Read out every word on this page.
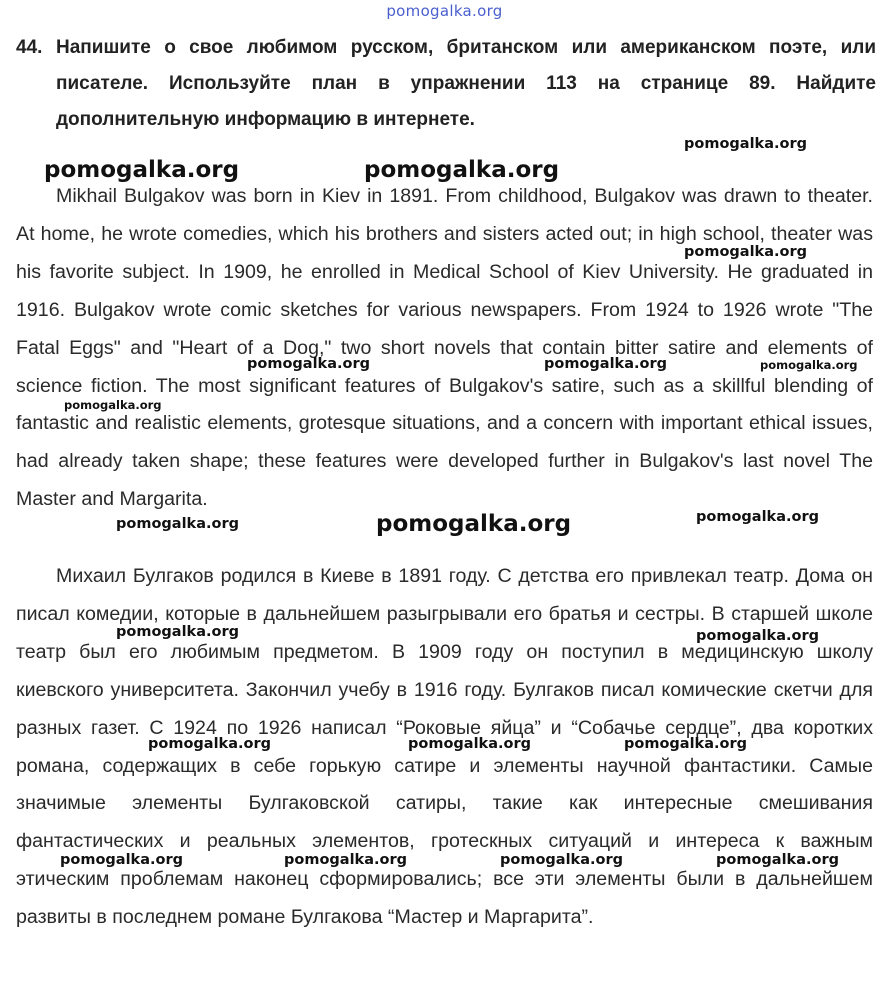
pomogalka.org
44. Напишите о свое любимом русском, британском или американском поэте, или писателе. Используйте план в упражнении 113 на странице 89. Найдите дополнительную информацию в интернете.

Mikhail Bulgakov was born in Kiev in 1891. From childhood, Bulgakov was drawn to theater. At home, he wrote comedies, which his brothers and sisters acted out; in high school, theater was his favorite subject. In 1909, he enrolled in Medical School of Kiev University. He graduated in 1916. Bulgakov wrote comic sketches for various newspapers. From 1924 to 1926 wrote "The Fatal Eggs" and "Heart of a Dog," two short novels that contain bitter satire and elements of science fiction. The most significant features of Bulgakov's satire, such as a skillful blending of fantastic and realistic elements, grotesque situations, and a concern with important ethical issues, had already taken shape; these features were developed further in Bulgakov's last novel The Master and Margarita.

Михаил Булгаков родился в Киеве в 1891 году. С детства его привлекал театр. Дома он писал комедии, которые в дальнейшем разыгрывали его братья и сестры. В старшей школе театр был его любимым предметом. В 1909 году он поступил в медицинскую школу киевского университета. Закончил учебу в 1916 году. Булгаков писал комические скетчи для разных газет. С 1924 по 1926 написал “Роковые яйца” и “Собачье сердце”, два коротких романа, содержащих в себе горькую сатире и элементы научной фантастики. Самые значимые элементы Булгаковской сатиры, такие как интересные смешивания фантастических и реальных элементов, гротескных ситуаций и интереса к важным этическим проблемам наконец сформировались; все эти элементы были в дальнейшем развиты в последнем романе Булгакова “Мастер и Маргарита”.

pomogalka.org
pomogalka.org	pomogalka.org
pomogalka.org
pomogalka.org	pomogalka.org	pomogalka.org
pomogalka.org
pomogalka.org	pomogalka.org	pomogalka.org
pomogalka.org	pomogalka.org
pomogalka.org	pomogalka.org	pomogalka.org
pomogalka.org	pomogalka.org	pomogalka.org	pomogalka.org
